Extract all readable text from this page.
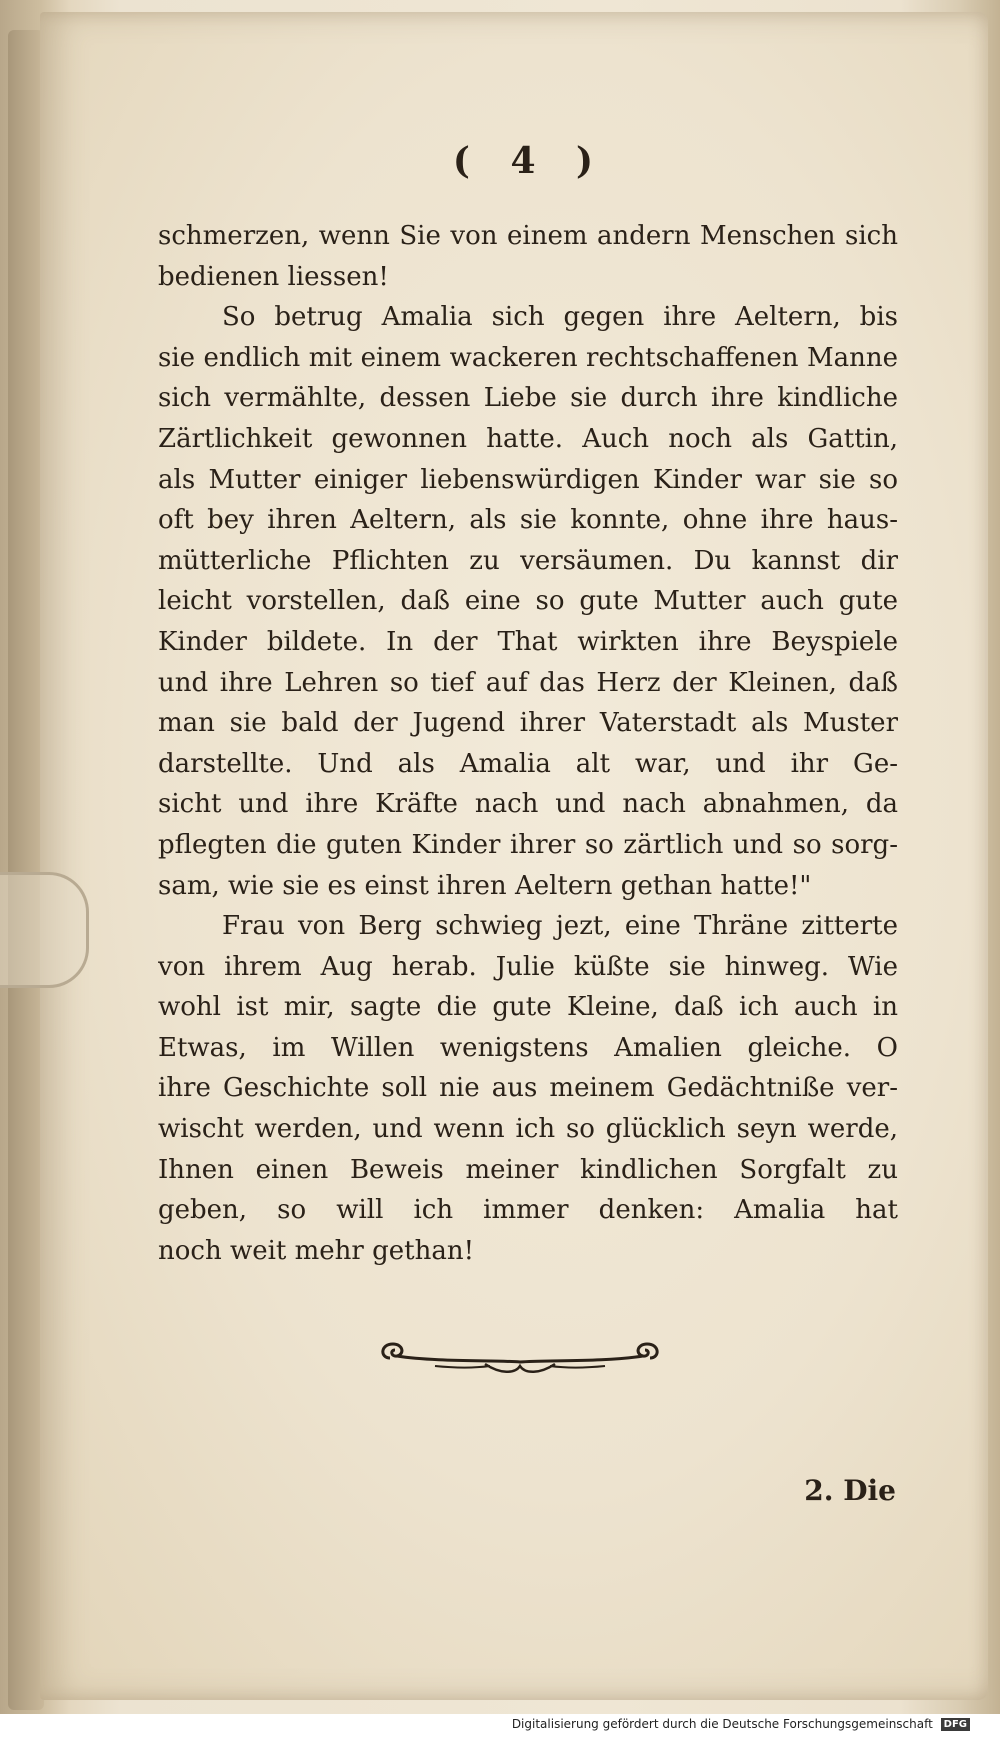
( 4 )
schmerzen, wenn Sie von einem andern Menschen sich
bedienen liessen!
So betrug Amalia sich gegen ihre Aeltern, bis
sie endlich mit einem wackeren rechtschaffenen Manne
sich vermählte, dessen Liebe sie durch ihre kindliche
Zärtlichkeit gewonnen hatte. Auch noch als Gattin,
als Mutter einiger liebenswürdigen Kinder war sie so
oft bey ihren Aeltern, als sie konnte, ohne ihre haus-
mütterliche Pflichten zu versäumen. Du kannst dir
leicht vorstellen, daß eine so gute Mutter auch gute
Kinder bildete. In der That wirkten ihre Beyspiele
und ihre Lehren so tief auf das Herz der Kleinen, daß
man sie bald der Jugend ihrer Vaterstadt als Muster
darstellte. Und als Amalia alt war, und ihr Ge-
sicht und ihre Kräfte nach und nach abnahmen, da
pflegten die guten Kinder ihrer so zärtlich und so sorg-
sam, wie sie es einst ihren Aeltern gethan hatte!"
Frau von Berg schwieg jezt, eine Thräne zitterte
von ihrem Aug herab. Julie küßte sie hinweg. Wie
wohl ist mir, sagte die gute Kleine, daß ich auch in
Etwas, im Willen wenigstens Amalien gleiche. O
ihre Geschichte soll nie aus meinem Gedächtniße ver-
wischt werden, und wenn ich so glücklich seyn werde,
Ihnen einen Beweis meiner kindlichen Sorgfalt zu
geben, so will ich immer denken: Amalia hat
noch weit mehr gethan!
2. Die
Digitalisierung gefördert durch die Deutsche Forschungsgemeinschaft DFG
